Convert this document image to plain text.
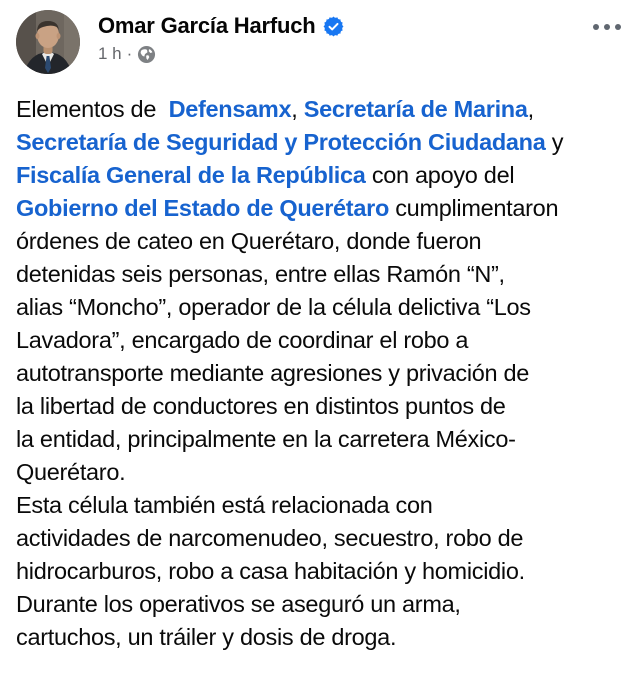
Omar García Harfuch
1 h ·
Elementos de  Defensamx, Secretaría de Marina,
Secretaría de Seguridad y Protección Ciudadana y
Fiscalía General de la República con apoyo del
Gobierno del Estado de Querétaro cumplimentaron
órdenes de cateo en Querétaro, donde fueron
detenidas seis personas, entre ellas Ramón “N”,
alias “Moncho”, operador de la célula delictiva “Los
Lavadora”, encargado de coordinar el robo a
autotransporte mediante agresiones y privación de
la libertad de conductores en distintos puntos de
la entidad, principalmente en la carretera México-
Querétaro.
Esta célula también está relacionada con
actividades de narcomenudeo, secuestro, robo de
hidrocarburos, robo a casa habitación y homicidio.
Durante los operativos se aseguró un arma,
cartuchos, un tráiler y dosis de droga.
